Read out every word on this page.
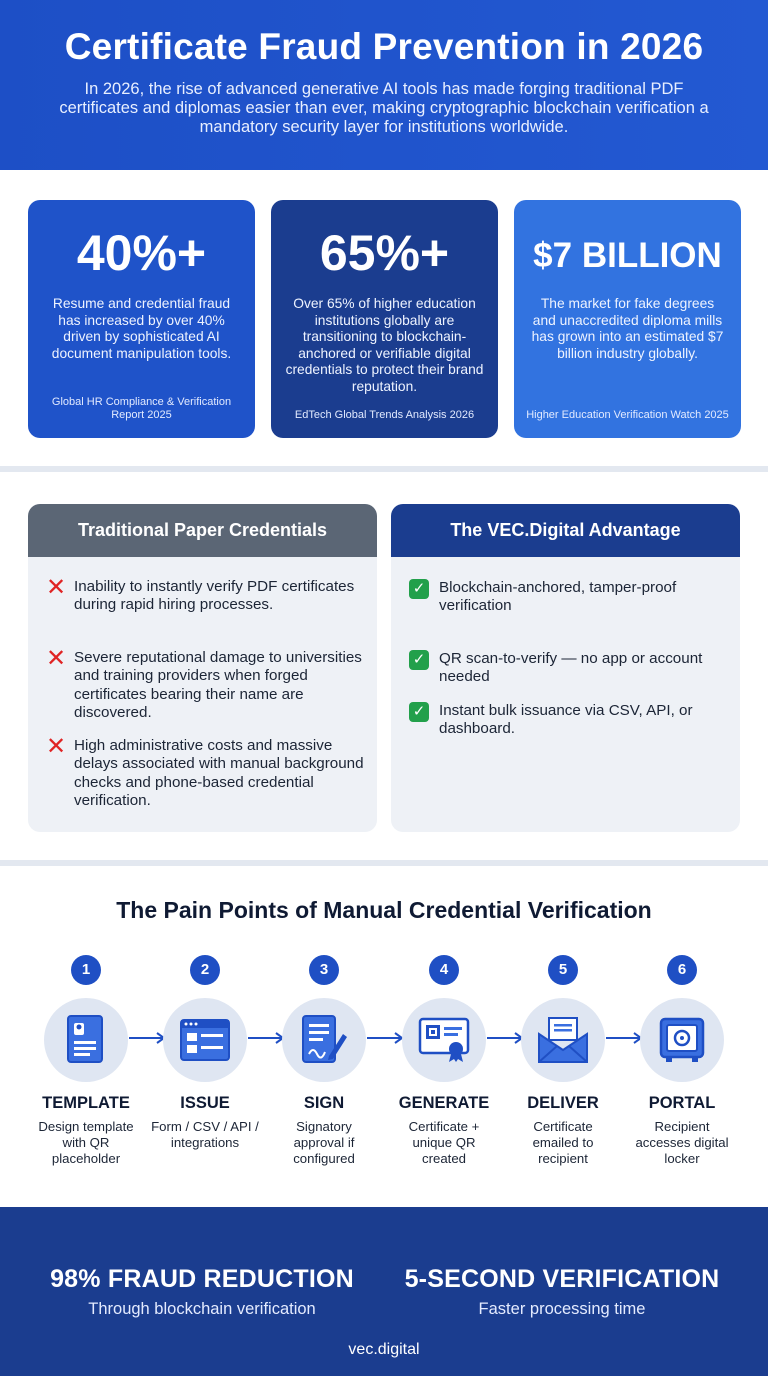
Certificate Fraud Prevention in 2026

In 2026, the rise of advanced generative AI tools has made forging traditional PDF certificates and diplomas easier than ever, making cryptographic blockchain verification a mandatory security layer for institutions worldwide.

40%+
Resume and credential fraud has increased by over 40% driven by sophisticated AI document manipulation tools.
Global HR Compliance & Verification Report 2025
65%+
Over 65% of higher education institutions globally are transitioning to blockchain-anchored or verifiable digital credentials to protect their brand reputation.
EdTech Global Trends Analysis 2026
$7 BILLION
The market for fake degrees and unaccredited diploma mills has grown into an estimated $7 billion industry globally.
Higher Education Verification Watch 2025
Traditional Paper Credentials
✕ Inability to instantly verify PDF certificates during rapid hiring processes.
✕ Severe reputational damage to universities and training providers when forged certificates bearing their name are discovered.
✕ High administrative costs and massive delays associated with manual background checks and phone-based credential verification.
The VEC.Digital Advantage
✓ Blockchain-anchored, tamper-proof verification
✓ QR scan-to-verify — no app or account needed
✓ Instant bulk issuance via CSV, API, or dashboard.
The Pain Points of Manual Credential Verification
1
TEMPLATE
Design template with QR placeholder
2
ISSUE
Form / CSV / API / integrations
3
SIGN
Signatory approval if configured
4
GENERATE
Certificate + unique QR created
5
DELIVER
Certificate emailed to recipient
6
PORTAL
Recipient accesses digital locker
98% FRAUD REDUCTION
Through blockchain verification
5-SECOND VERIFICATION
Faster processing time
vec.digital
